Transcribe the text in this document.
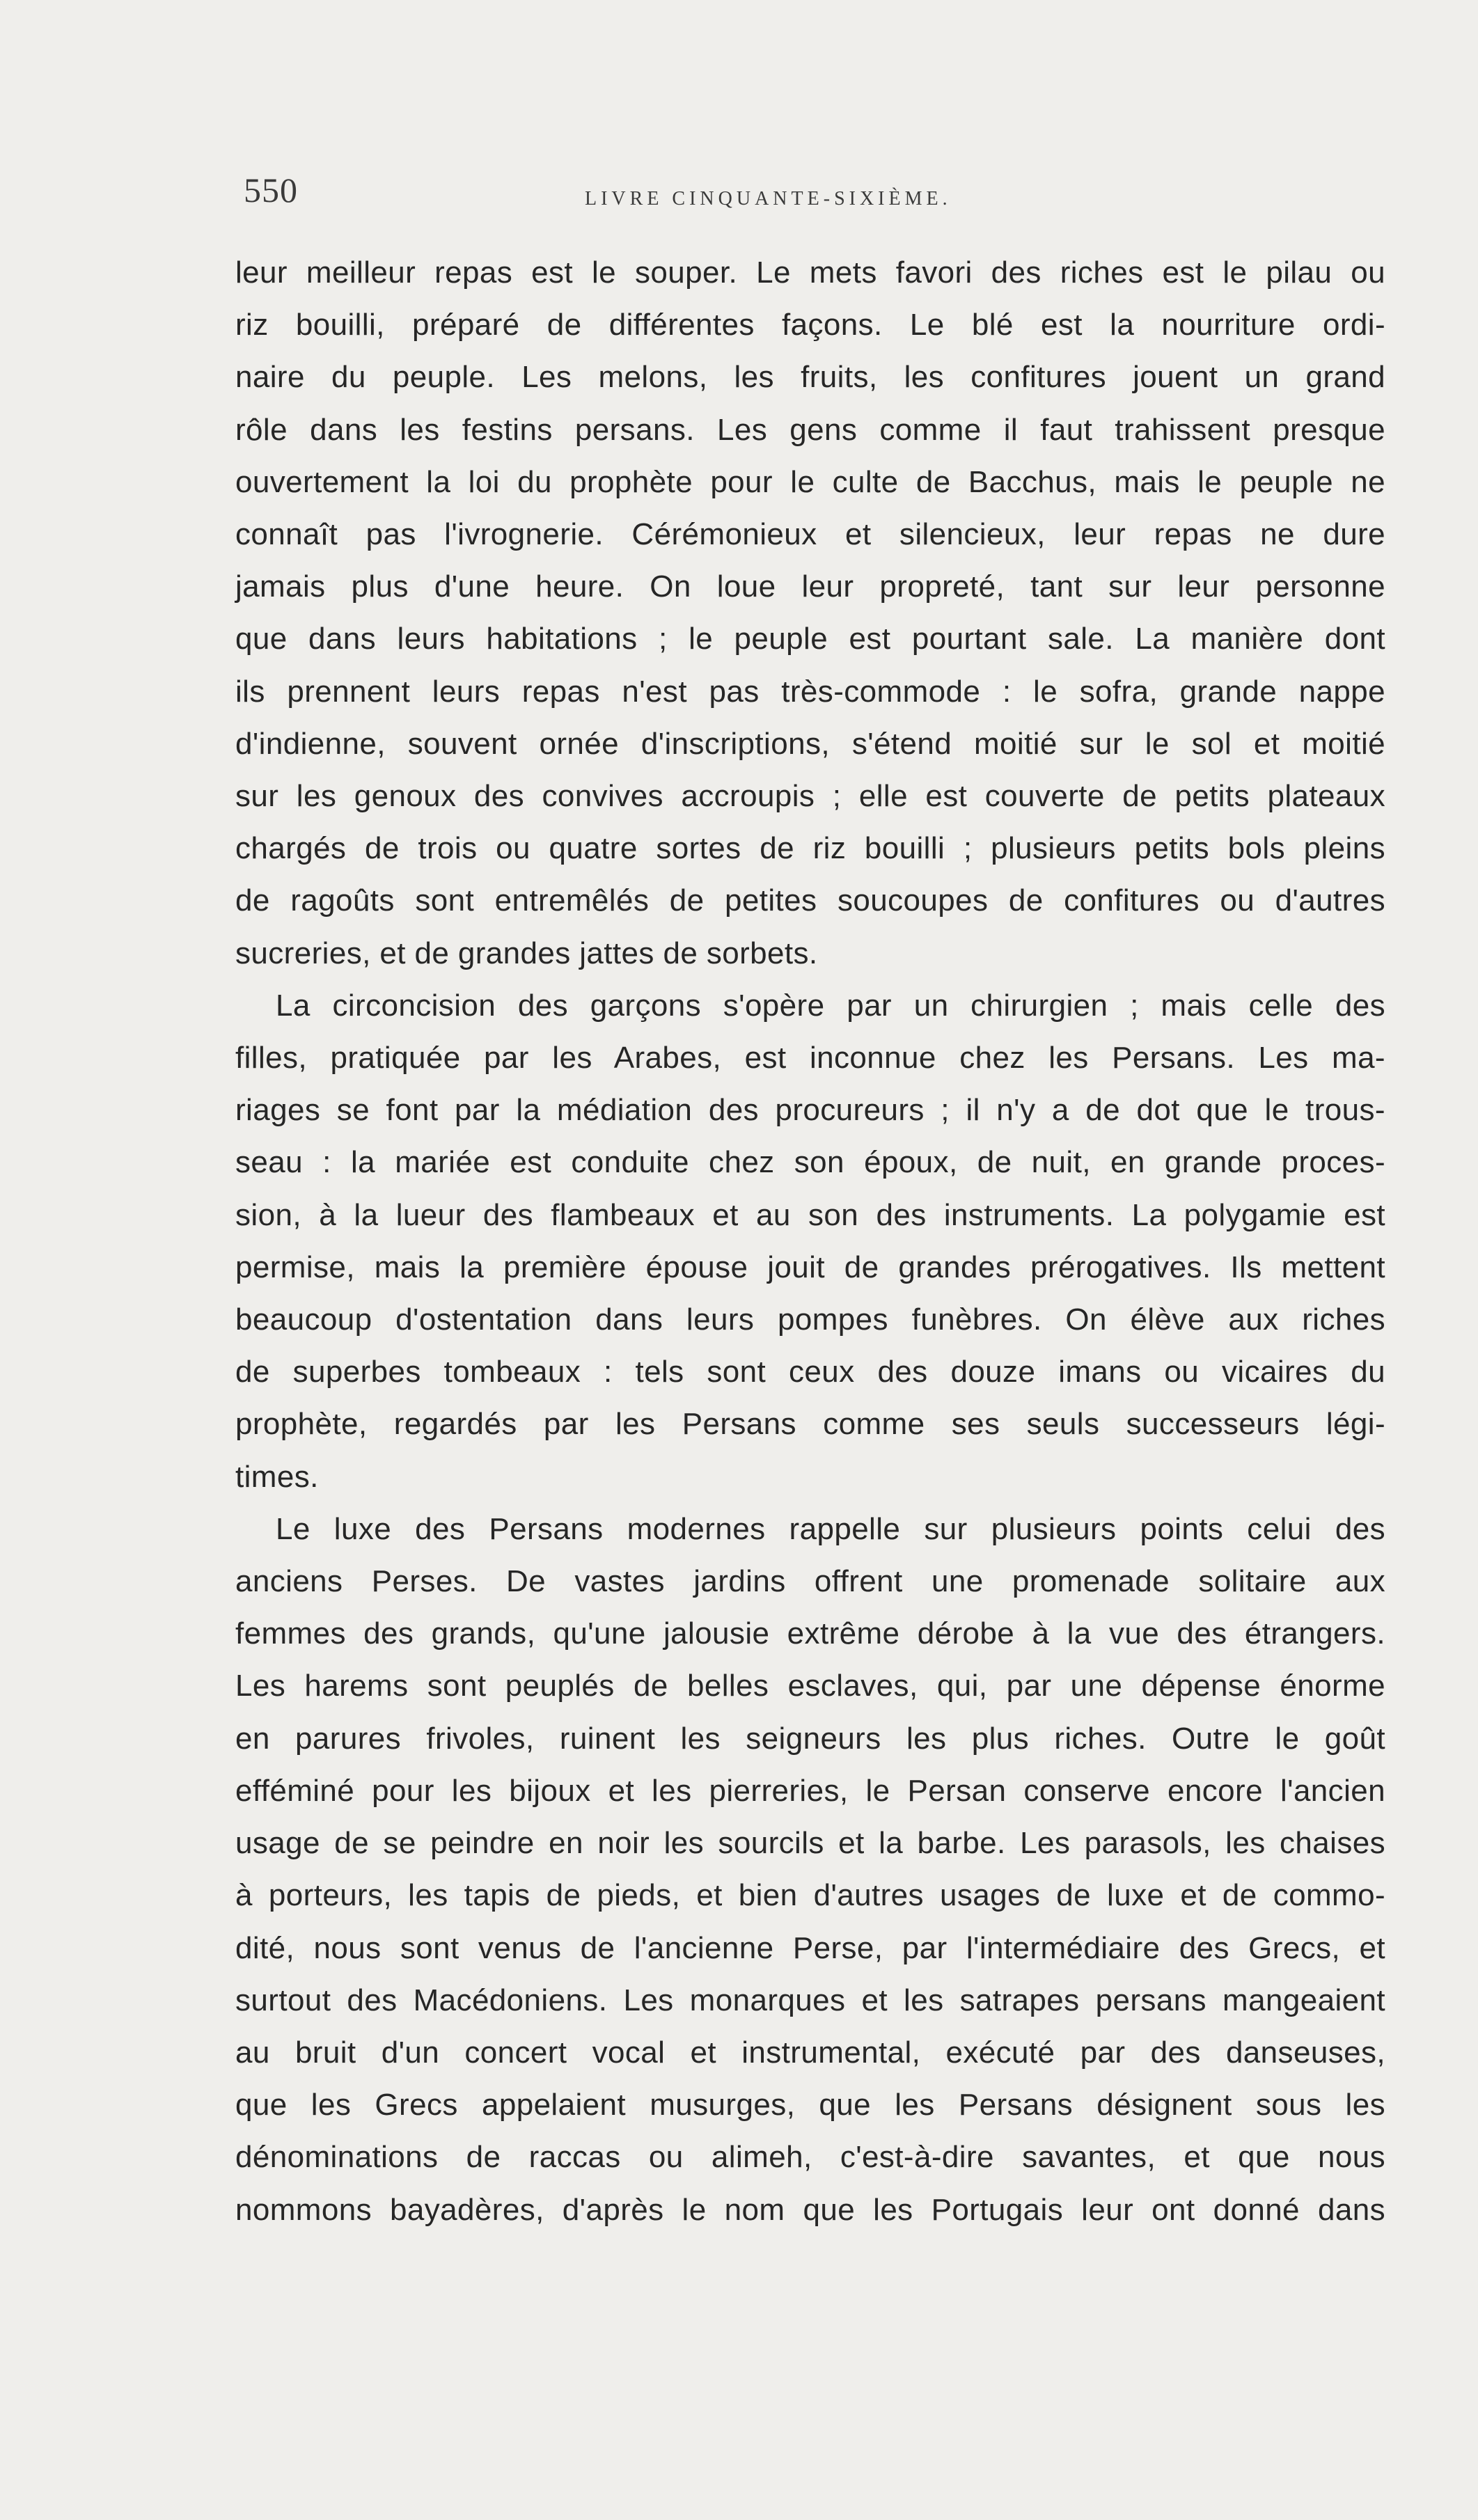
550	LIVRE CINQUANTE-SIXIÈME.

leur meilleur repas est le souper. Le mets favori des riches est le pilau ou
riz bouilli, préparé de différentes façons. Le blé est la nourriture ordi-
naire du peuple. Les melons, les fruits, les confitures jouent un grand
rôle dans les festins persans. Les gens comme il faut trahissent presque
ouvertement la loi du prophète pour le culte de Bacchus, mais le peuple ne
connaît pas l'ivrognerie. Cérémonieux et silencieux, leur repas ne dure
jamais plus d'une heure. On loue leur propreté, tant sur leur personne
que dans leurs habitations ; le peuple est pourtant sale. La manière dont
ils prennent leurs repas n'est pas très-commode : le sofra, grande nappe
d'indienne, souvent ornée d'inscriptions, s'étend moitié sur le sol et moitié
sur les genoux des convives accroupis ; elle est couverte de petits plateaux
chargés de trois ou quatre sortes de riz bouilli ; plusieurs petits bols pleins
de ragoûts sont entremêlés de petites soucoupes de confitures ou d'autres
sucreries, et de grandes jattes de sorbets.

La circoncision des garçons s'opère par un chirurgien ; mais celle des
filles, pratiquée par les Arabes, est inconnue chez les Persans. Les ma-
riages se font par la médiation des procureurs ; il n'y a de dot que le trous-
seau : la mariée est conduite chez son époux, de nuit, en grande proces-
sion, à la lueur des flambeaux et au son des instruments. La polygamie est
permise, mais la première épouse jouit de grandes prérogatives. Ils mettent
beaucoup d'ostentation dans leurs pompes funèbres. On élève aux riches
de superbes tombeaux : tels sont ceux des douze imans ou vicaires du
prophète, regardés par les Persans comme ses seuls successeurs légi-
times.

Le luxe des Persans modernes rappelle sur plusieurs points celui des
anciens Perses. De vastes jardins offrent une promenade solitaire aux
femmes des grands, qu'une jalousie extrême dérobe à la vue des étrangers.
Les harems sont peuplés de belles esclaves, qui, par une dépense énorme
en parures frivoles, ruinent les seigneurs les plus riches. Outre le goût
efféminé pour les bijoux et les pierreries, le Persan conserve encore l'ancien
usage de se peindre en noir les sourcils et la barbe. Les parasols, les chaises
à porteurs, les tapis de pieds, et bien d'autres usages de luxe et de commo-
dité, nous sont venus de l'ancienne Perse, par l'intermédiaire des Grecs, et
surtout des Macédoniens. Les monarques et les satrapes persans mangeaient
au bruit d'un concert vocal et instrumental, exécuté par des danseuses,
que les Grecs appelaient musurges, que les Persans désignent sous les
dénominations de raccas ou alimeh, c'est-à-dire savantes, et que nous
nommons bayadères, d'après le nom que les Portugais leur ont donné dans
